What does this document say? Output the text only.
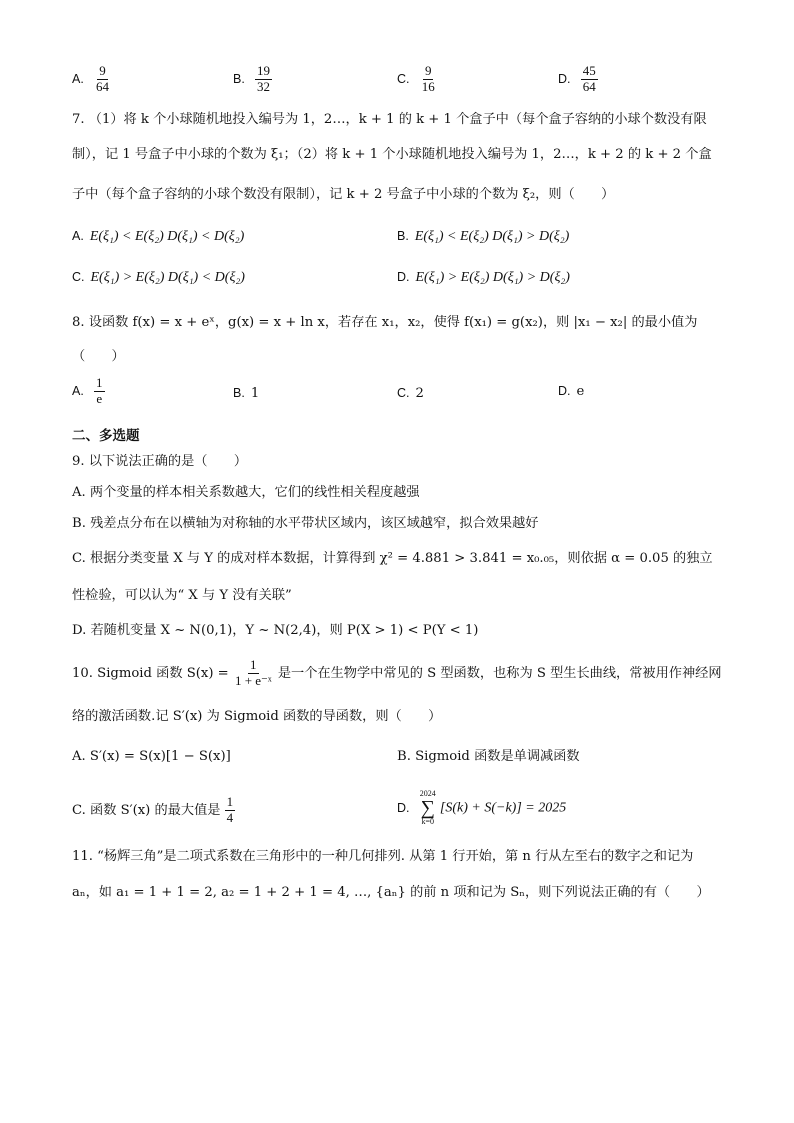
A. $\frac{9}{64}$	B. $\frac{19}{32}$	C. $\frac{9}{16}$	D. $\frac{45}{64}$
7. （1）将 k 个小球随机地投入编号为 1，2…，k + 1 的 k + 1 个盒子中（每个盒子容纳的小球个数没有限
制），记 1 号盒子中小球的个数为 ξ₁；（2）将 k + 1 个小球随机地投入编号为 1，2…，k + 2 的 k + 2 个盒
子中（每个盒子容纳的小球个数没有限制），记 k + 2 号盒子中小球的个数为 ξ₂，则（　　）
A. E(ξ₁) < E(ξ₂) D(ξ₁) < D(ξ₂)	B. E(ξ₁) < E(ξ₂) D(ξ₁) > D(ξ₂)
C. E(ξ₁) > E(ξ₂) D(ξ₁) < D(ξ₂)	D. E(ξ₁) > E(ξ₂) D(ξ₁) > D(ξ₂)
8. 设函数 f(x) = x + eˣ，g(x) = x + ln x，若存在 x₁，x₂，使得 f(x₁) = g(x₂)，则 |x₁ − x₂| 的最小值为
（　　）
A. $\frac{1}{e}$	B. 1	C. 2	D. e
二、多选题
9. 以下说法正确的是（　　）
A. 两个变量的样本相关系数越大，它们的线性相关程度越强
B. 残差点分布在以横轴为对称轴的水平带状区域内，该区域越窄，拟合效果越好
C. 根据分类变量 X 与 Y 的成对样本数据，计算得到 χ² = 4.881 > 3.841 = x₀.₀₅，则依据 α = 0.05 的独立
性检验，可以认为“ X 与 Y 没有关联”
D. 若随机变量 X ~ N(0,1)，Y ~ N(2,4)，则 P(X > 1) < P(Y < 1)
10. Sigmoid 函数 $S(x) = \frac{1}{\text{1 + e⁻ˣ}}$ 是一个在生物学中常见的 S 型函数，也称为 S 型生长曲线，常被用作神经网
络的激活函数.记 S′(x) 为 Sigmoid 函数的导函数，则（　　）
A. S′(x) = S(x)[1 − S(x)]	B. Sigmoid 函数是单调减函数
C. 函数 S′(x) 的最大值是 $\frac{1}{4}$	D.
2024
∑
k=0
[S(k) + S(−k)] = 2025
11. “杨辉三角”是二项式系数在三角形中的一种几何排列. 从第 1 行开始，第 n 行从左至右的数字之和记为
aₙ，如 a₁ = 1 + 1 = 2, a₂ = 1 + 2 + 1 = 4, …, {aₙ} 的前 n 项和记为 Sₙ，则下列说法正确的有（　　）
